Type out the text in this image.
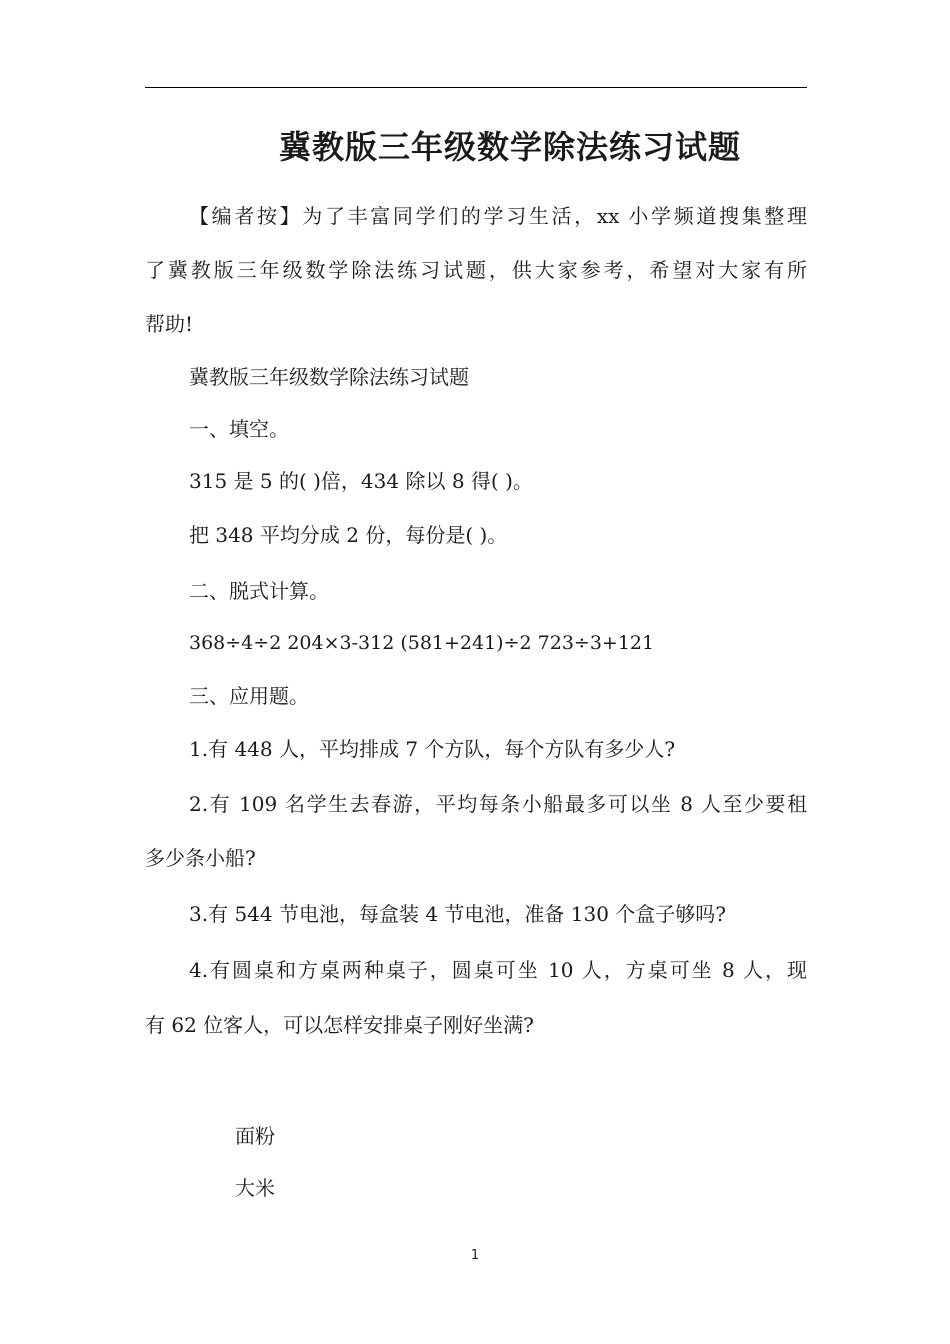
冀教版三年级数学除法练习试题
【编者按】为了丰富同学们的学习生活，xx 小学频道搜集整理
了冀教版三年级数学除法练习试题，供大家参考，希望对大家有所
帮助!
冀教版三年级数学除法练习试题
一、填空。
315 是 5 的( )倍，434 除以 8 得( )。
把 348 平均分成 2 份，每份是( )。
二、脱式计算。
368÷4÷2 204×3-312 (581+241)÷2 723÷3+121
三、应用题。
1.有 448 人，平均排成 7 个方队，每个方队有多少人?
2.有 109 名学生去春游，平均每条小船最多可以坐 8 人至少要租
多少条小船?
3.有 544 节电池，每盒装 4 节电池，准备 130 个盒子够吗?
4.有圆桌和方桌两种桌子，圆桌可坐 10 人，方桌可坐 8 人，现
有 62 位客人，可以怎样安排桌子刚好坐满?
面粉
大米
1
